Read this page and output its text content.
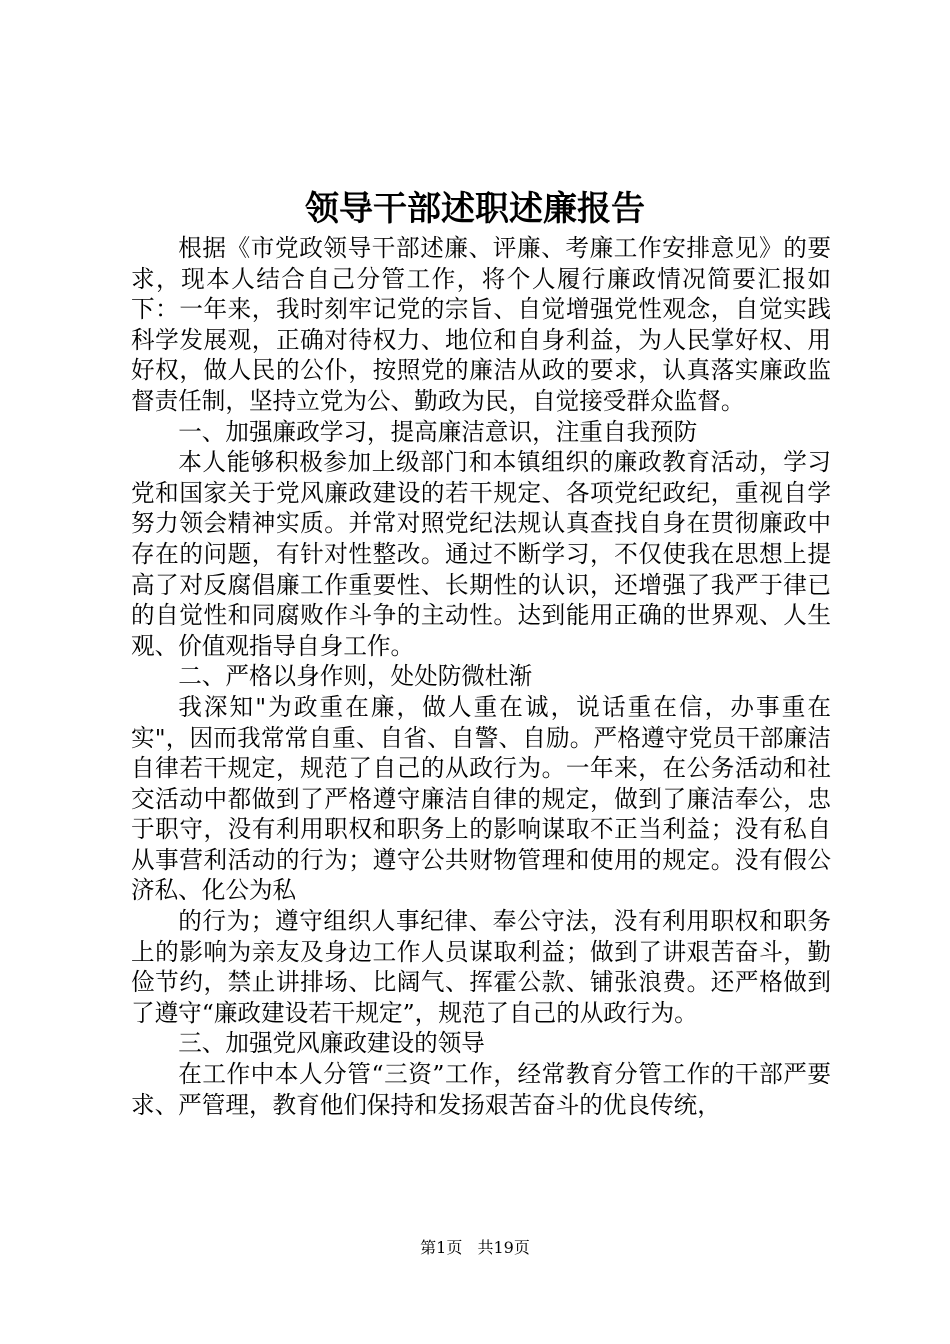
领导干部述职述廉报告

根据《市党政领导干部述廉、评廉、考廉工作安排意见》的要求，现本人结合自己分管工作，将个人履行廉政情况简要汇报如下：一年来，我时刻牢记党的宗旨、自觉增强党性观念，自觉实践科学发展观，正确对待权力、地位和自身利益，为人民掌好权、用好权，做人民的公仆，按照党的廉洁从政的要求，认真落实廉政监督责任制，坚持立党为公、勤政为民，自觉接受群众监督。

一、加强廉政学习，提高廉洁意识，注重自我预防

本人能够积极参加上级部门和本镇组织的廉政教育活动，学习党和国家关于党风廉政建设的若干规定、各项党纪政纪，重视自学努力领会精神实质。并常对照党纪法规认真查找自身在贯彻廉政中存在的问题，有针对性整改。通过不断学习，不仅使我在思想上提高了对反腐倡廉工作重要性、长期性的认识，还增强了我严于律已的自觉性和同腐败作斗争的主动性。达到能用正确的世界观、人生观、价值观指导自身工作。

二、严格以身作则，处处防微杜渐

我深知"为政重在廉，做人重在诚，说话重在信，办事重在实"，因而我常常自重、自省、自警、自励。严格遵守党员干部廉洁自律若干规定，规范了自己的从政行为。一年来，在公务活动和社交活动中都做到了严格遵守廉洁自律的规定，做到了廉洁奉公，忠于职守，没有利用职权和职务上的影响谋取不正当利益；没有私自从事营利活动的行为；遵守公共财物管理和使用的规定。没有假公济私、化公为私

的行为；遵守组织人事纪律、奉公守法，没有利用职权和职务上的影响为亲友及身边工作人员谋取利益；做到了讲艰苦奋斗，勤俭节约，禁止讲排场、比阔气、挥霍公款、铺张浪费。还严格做到了遵守“廉政建设若干规定”，规范了自己的从政行为。

三、加强党风廉政建设的领导

在工作中本人分管“三资”工作，经常教育分管工作的干部严要求、严管理，教育他们保持和发扬艰苦奋斗的优良传统，

第1页 共19页
